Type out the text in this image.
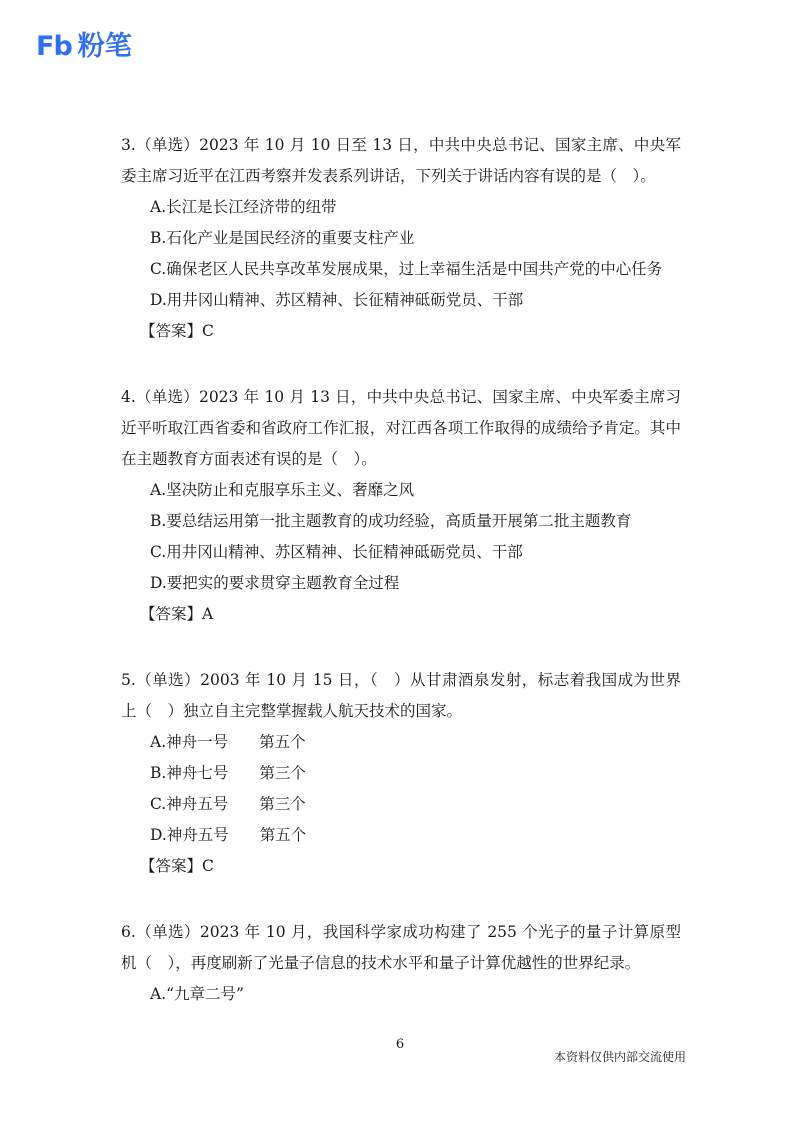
Fb 粉笔
3.（单选）2023 年 10 月 10 日至 13 日，中共中央总书记、国家主席、中央军委主席习近平在江西考察并发表系列讲话，下列关于讲话内容有误的是（　）。
A.长江是长江经济带的纽带
B.石化产业是国民经济的重要支柱产业
C.确保老区人民共享改革发展成果，过上幸福生活是中国共产党的中心任务
D.用井冈山精神、苏区精神、长征精神砥砺党员、干部
【答案】C
4.（单选）2023 年 10 月 13 日，中共中央总书记、国家主席、中央军委主席习近平听取江西省委和省政府工作汇报，对江西各项工作取得的成绩给予肯定。其中在主题教育方面表述有误的是（　）。
A.坚决防止和克服享乐主义、奢靡之风
B.要总结运用第一批主题教育的成功经验，高质量开展第二批主题教育
C.用井冈山精神、苏区精神、长征精神砥砺党员、干部
D.要把实的要求贯穿主题教育全过程
【答案】A
5.（单选）2003 年 10 月 15 日，（　）从甘肃酒泉发射，标志着我国成为世界上（　）独立自主完整掌握载人航天技术的国家。
A.神舟一号　　第五个
B.神舟七号　　第三个
C.神舟五号　　第三个
D.神舟五号　　第五个
【答案】C
6.（单选）2023 年 10 月，我国科学家成功构建了 255 个光子的量子计算原型机（　），再度刷新了光量子信息的技术水平和量子计算优越性的世界纪录。
A.“九章二号”
6
本资料仅供内部交流使用
